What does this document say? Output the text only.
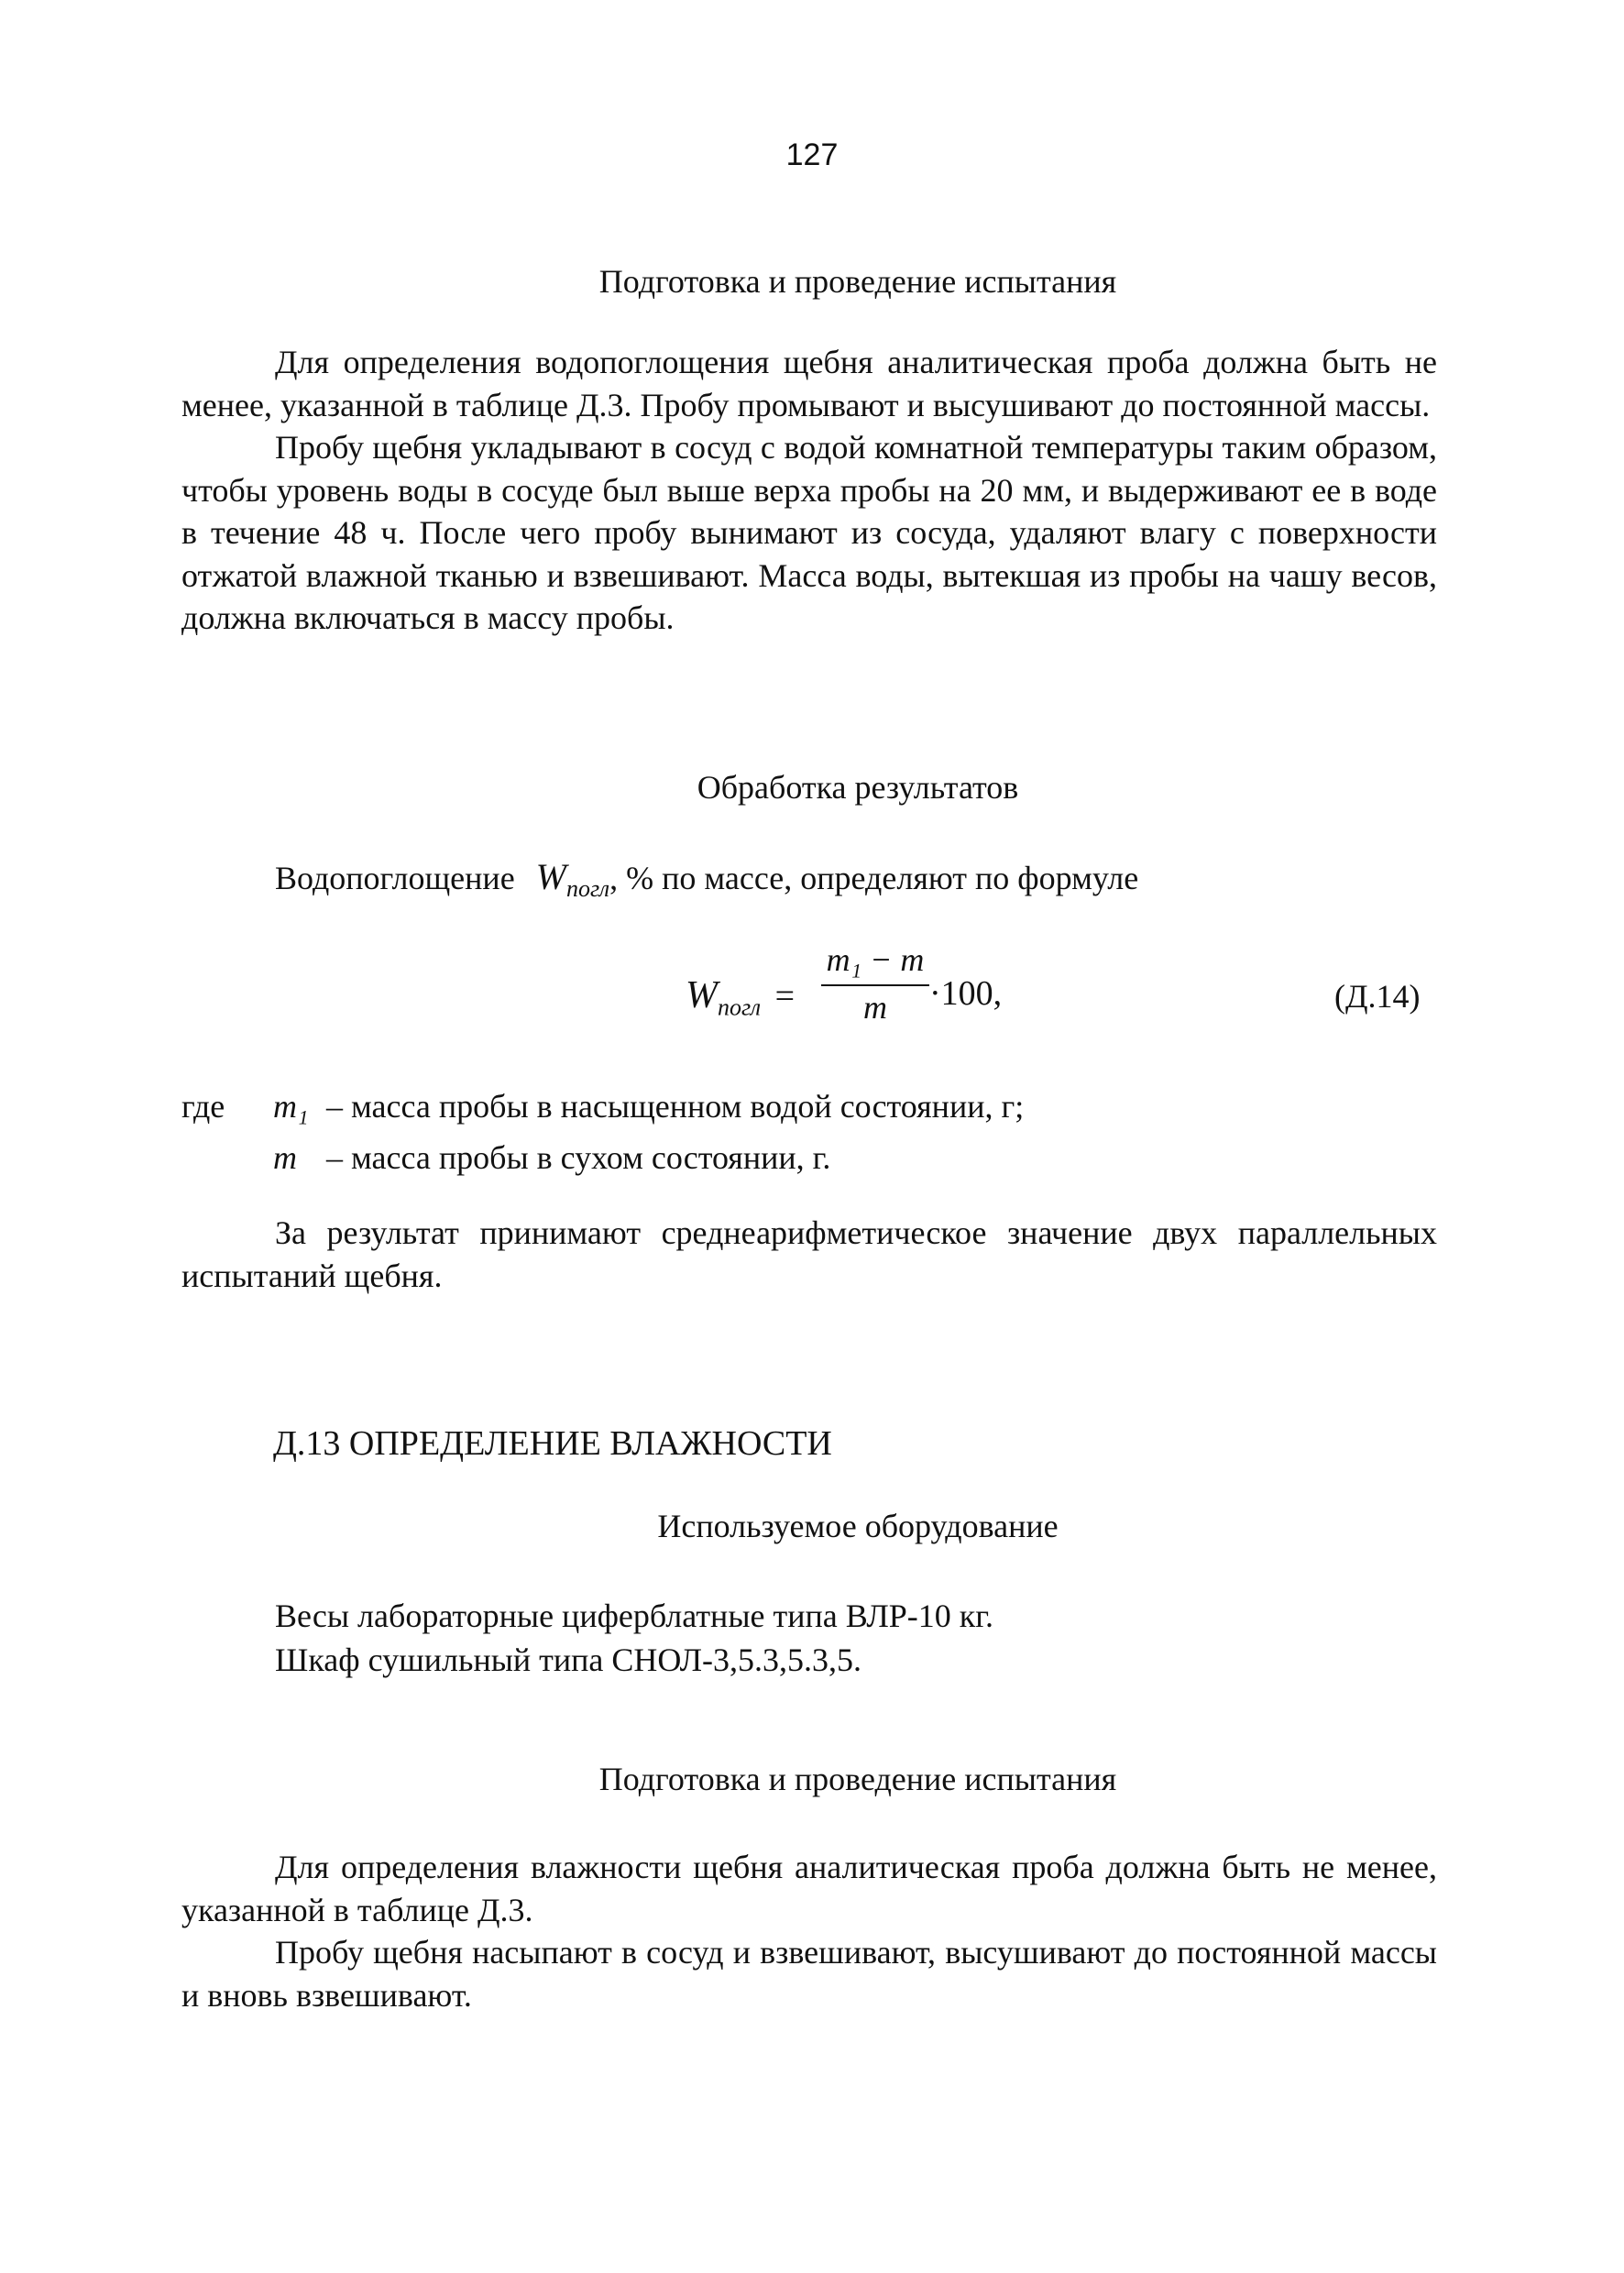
127
Подготовка и проведение испытания

Для определения водопоглощения щебня аналитическая проба должна быть не менее, указанной в таблице Д.3. Пробу промывают и высушивают до постоянной массы.

Пробу щебня укладывают в сосуд с водой комнатной температуры таким образом, чтобы уровень воды в сосуде был выше верха пробы на 20 мм, и выдерживают ее в воде в течение 48 ч. После чего пробу вынимают из сосуда, удаляют влагу с поверхности отжатой влажной тканью и взвешивают. Масса воды, вытекшая из пробы на чашу весов, должна включаться в массу пробы.

Обработка результатов
Водопоглощение $W_{погл}$, % по массе, определяют по формуле
$W_{погл}$ =
m₁ − m
m	·100,	(Д.14)
где m₁ – масса пробы в насыщенном водой состоянии, г;
m – масса пробы в сухом состоянии, г.

За результат принимают среднеарифметическое значение двух параллельных испытаний щебня.

Д.13 ОПРЕДЕЛЕНИЕ ВЛАЖНОСТИ
Используемое оборудование
Весы лабораторные циферблатные типа ВЛР-10 кг.
Шкаф сушильный типа СНОЛ-3,5.3,5.3,5.
Подготовка и проведение испытания

Для определения влажности щебня аналитическая проба должна быть не менее, указанной в таблице Д.3.

Пробу щебня насыпают в сосуд и взвешивают, высушивают до постоянной массы и вновь взвешивают.
